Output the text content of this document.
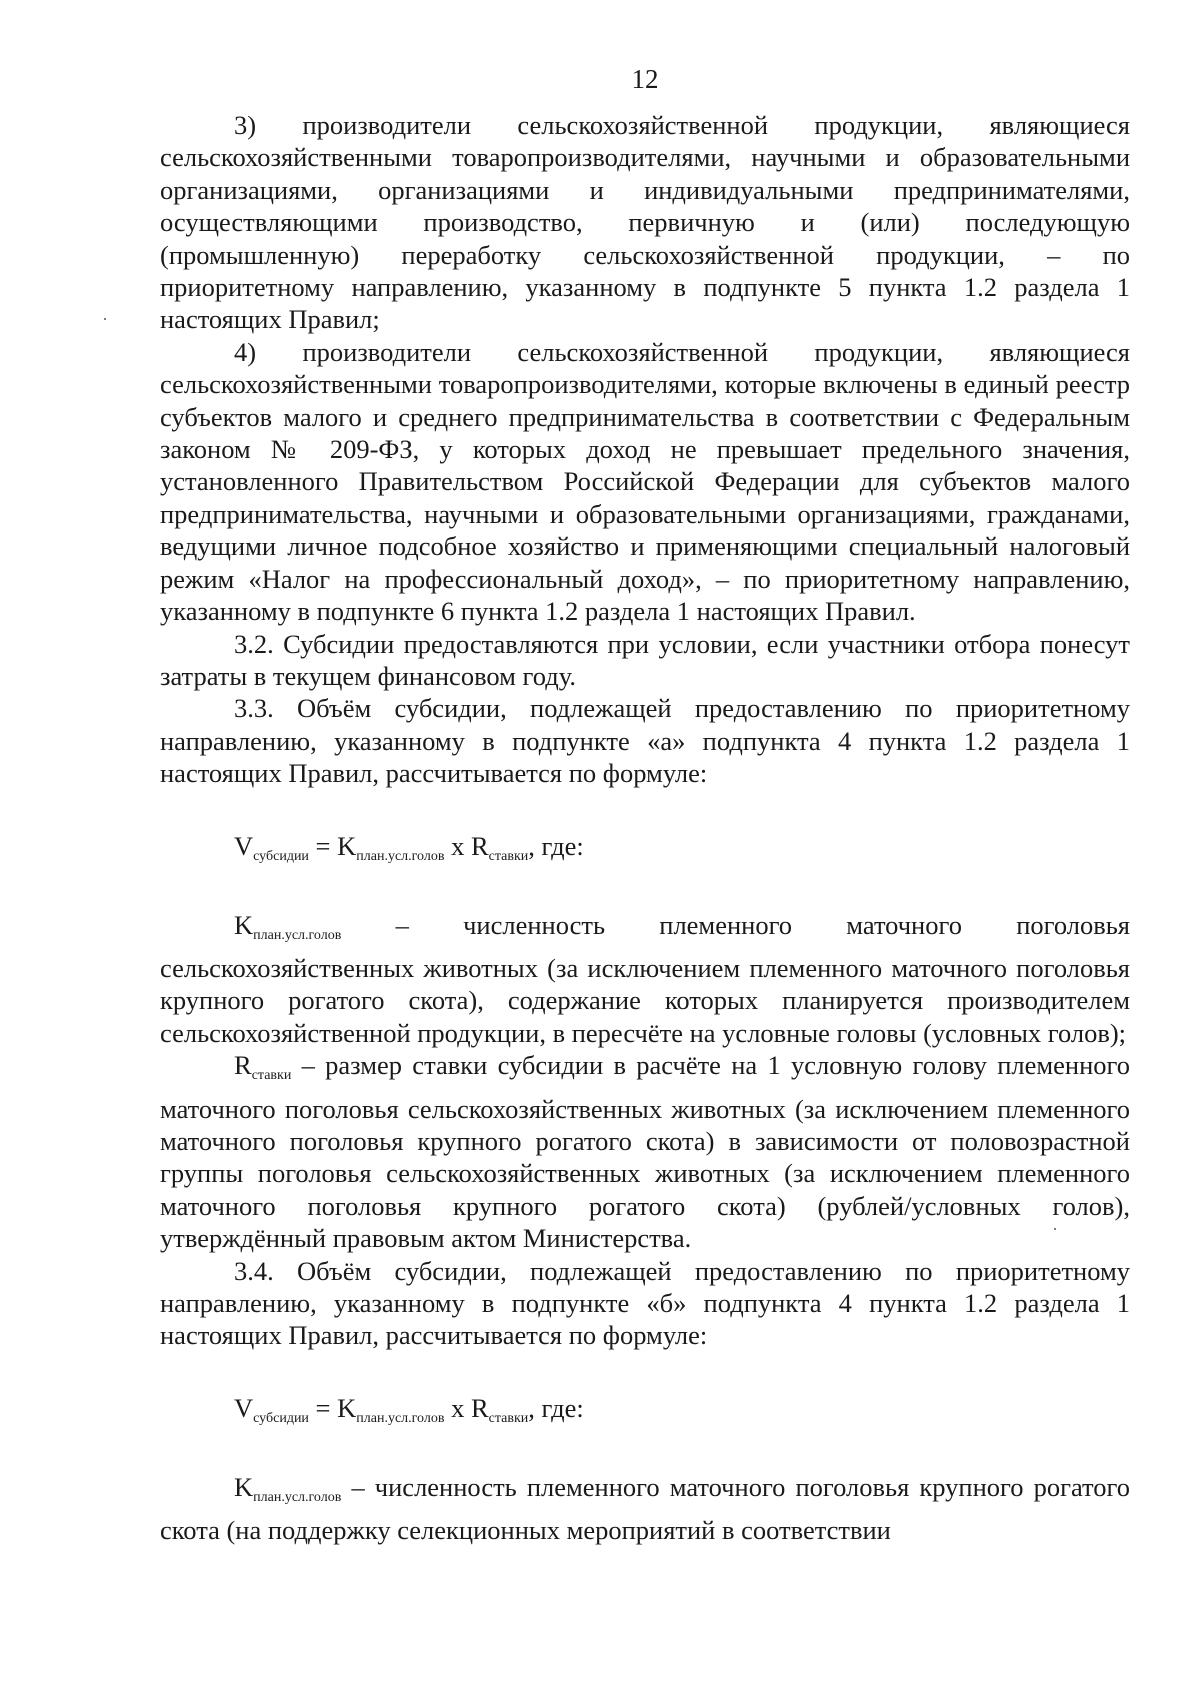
12

3) производители сельскохозяйственной продукции, являющиеся сельскохозяйственными товаропроизводителями, научными и образовательными организациями, организациями и индивидуальными предпринимателями, осуществляющими производство, первичную и (или) последующую (промышленную) переработку сельскохозяйственной продукции, – по приоритетному направлению, указанному в подпункте 5 пункта 1.2 раздела 1 настоящих Правил;

4) производители сельскохозяйственной продукции, являющиеся сельскохозяйственными товаропроизводителями, которые включены в единый реестр субъектов малого и среднего предпринимательства в соответствии с Федеральным законом № 209-ФЗ, у которых доход не превышает предельного значения, установленного Правительством Российской Федерации для субъектов малого предпринимательства, научными и образовательными организациями, гражданами, ведущими личное подсобное хозяйство и применяющими специальный налоговый режим «Налог на профессиональный доход», – по приоритетному направлению, указанному в подпункте 6 пункта 1.2 раздела 1 настоящих Правил.

3.2. Субсидии предоставляются при условии, если участники отбора понесут затраты в текущем финансовом году.

3.3. Объём субсидии, подлежащей предоставлению по приоритетному направлению, указанному в подпункте «а» подпункта 4 пункта 1.2 раздела 1 настоящих Правил, рассчитывается по формуле:

$V_{субсидии} = K_{план.усл.голов}$ x $R_{ставки}$, где:

$K_{план.усл.голов}$ – численность племенного маточного поголовья сельскохозяйственных животных (за исключением племенного маточного поголовья крупного рогатого скота), содержание которых планируется производителем сельскохозяйственной продукции, в пересчёте на условные головы (условных голов);

$R_{ставки}$ – размер ставки субсидии в расчёте на 1 условную голову племенного маточного поголовья сельскохозяйственных животных (за исключением племенного маточного поголовья крупного рогатого скота) в зависимости от половозрастной группы поголовья сельскохозяйственных животных (за исключением племенного маточного поголовья крупного рогатого скота) (рублей/условных голов), утверждённый правовым актом Министерства.

3.4. Объём субсидии, подлежащей предоставлению по приоритетному направлению, указанному в подпункте «б» подпункта 4 пункта 1.2 раздела 1 настоящих Правил, рассчитывается по формуле:

$V_{субсидии} = K_{план.усл.голов}$ x $R_{ставки}$, где:

$K_{план.усл.голов}$ – численность племенного маточного поголовья крупного рогатого скота (на поддержку селекционных мероприятий в соответствии
